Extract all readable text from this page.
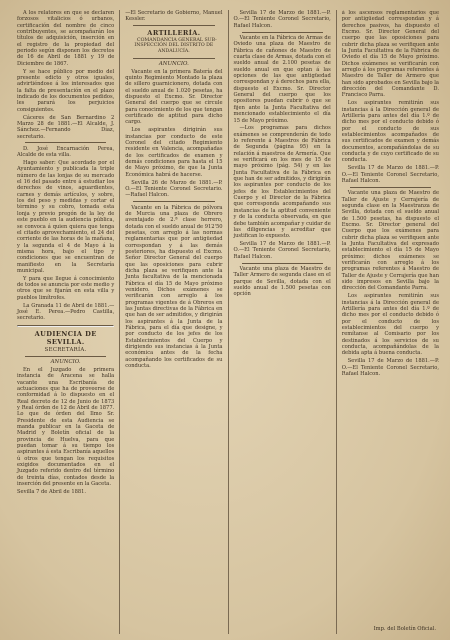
A los relatores en que se declaren forzosos vitalicios ó urbanos, certificación del nombre de cinco contribuyentes, se acompañarán los títulos de adquisición, inserción en el registro de la propiedad del periodo según disponen los decretos de 16 de Abril de 1881 y 19 de Diciembre de 1867.

Y se hace público por medio del presente edicto y otros iguales, advirtiéndose á los interesados que la falta de presentación en el plazo indicado de los documentos pedidos, les parará los perjuicios consiguientes.

Cáceres de San Bernardino 2 Marzo 28 de 1881.—El Alcalde, J. Sánchez.—Fernando Díaz, secretario.

D. José Encarnación Perea, Alcalde de esta villa.

Hago saber: Que acordado por el Ayuntamiento y publicada la triple número de las lonjas de su mercado el 16 del pasado entre á estudiar los derechos de vinos, aguardientes, carnes y demás artículos, y sobre, los del peso y medidas y cortar el término y su cobro, tomada esta lonja y previo pregón de la ley de este pueblo en la audiencia pública, se convoca á quien quiera que tenga el citado aprovechamiento, el 24 del corriente de las horas de la mañana, y la segunda el 4 de Mayo á la misma hora, bajo el tipo y condiciones que se encuentran de manifiesto en la Secretaría municipal.

Y para que llegue á conocimiento de todos se anuncia por este medio y otros que se fijarán en esta villa y pueblos limítrofes.

La Granada 11 de Abril de 1881.—José E. Perea.—Pedro Castilla, secretario.

AUDIENCIA DE SEVILLA.
SECRETARÍA.
ANUNCIO.

En el Juzgado de primera instancia de Aracena se halla vacante una Escribanía de actuaciones que ha de proveerse de conformidad á lo dispuesto en el Real decreto de 12 de Junio de 1873 y Real órden de 12 de Abril de 1877. Lo que de órden del Ilmo Sr. Presidente de esta Audiencia se manda publicar en la Gaceta de Madrid y Boletín oficial de la provincia de Huelva, para que puedan tomar á su tiempo los aspirantes á esta Escribanía aquellos ú otros que tengan los requisitos exigidos documentados en el Juzgado referido dentro del término de treinta días, contados desde la inserción del presente en la Gaceta.

Sevilla 7 de Abril de 1881.

—El Secretario de Gobierno, Manuel Kessler.

ARTILLERÍA.

COMANDANCIA GENERAL SUB-INSPECCIÓN DEL DISTRITO DE ANDALUCÍA.

ANUNCIO.

Vacante en la primera Batería del quinto Regimiento Montado la plaza de sillero guarnicionero, dotada con el sueldo anual de 1.020 pesetas, ha dispuesto el Excmo. Sr. Director General del cuerpo que se circule para conocimiento de los que tengan certificado de aptitud para dicho cargo.

Los aspirantes dirigirán sus instancias por conducto de este Coronel del citado Regimiento residente en Valencia, acompañadas de los certificados de examen y demás condiciones para hasta el 15 de Mayo próximo, de que la Junta Económica habrá de hacerse.

Sevilla 26 de Marzo de 1881.—P. O.—El Teniente Coronel Secretario.—Rafael Halcon.

Vacante en la Fábrica de pólvora de Murcia una plaza de Obrero aventajado de 2.ª clase herrero, dotada con el sueldo anual de 912'50 pesetas, con arreglo á las normas reglamentarias que por antigüedad correspondan y á las demás posteriores, ha dispuesto el Excmo. Señor Director General del cuerpo que las oposiciones para cubrir dicha plaza se verifiquen ante la Junta facultativa de la mencionada Fábrica el día 15 de Mayo próximo venidero. Dichos exámenes se verificarán con arreglo á los programas vigentes de á Obreros en las Juntas directivas de la Fábrica en que han de ser admitidos, y dirigirán los aspirantes á la Junta de la Fábrica, para el día que designe, y por conducto de los jefes de los Establecimientos del Cuerpo y dirigiendo sus instancias á la Junta económica antes de la fecha acompañando los certificados de su conducta.

Sevilla 17 de Marzo de 1881.—P. O.—El Teniente Coronel Secretario, Rafael Halcon.

Vacante en la Fábrica de Armas de Oviedo una plaza de Maestro de Fábrica de cañones de Maestro de cuarta clase de Armas, dotada con el sueldo anual de 2.100 pesetas de sueldo anual en que optan á las opciones de las que antigüedad correspondan y á derechos para ella, dispuesto el Excmo. Sr. Director General del cuerpo que los opositores puedan cubrir ó que se fijen ante la Junta Facultativa del mencionado establecimiento el día 15 de Mayo próximo.

—Los programas para dichos exámenes se comprenderán de todo lo referente á Maestros de Fábrica de Segunda (página 95) en la relación á maestros de Armería. Que se verificará en los mes de 15 de mayo próximo (pág. 54) y en las Junta Facultativa de la Fábrica en que han de ser admitidos, y dirigirán los aspirantes por conducto de los jefes de los Establecimientos del Cuerpo y el Director de la Fábrica que corresponda acompañando sus instancias de la aptitud conveniente y de la conducta observada, en que debe también acompañar y cuidar de las diligencias y acreditar que justifican lo expuesto.

Sevilla 17 de Marzo de 1881.—P. O.—El Teniente Coronel Secretario, Rafael Halcon.

Vacante una plaza de Maestro de Taller Armero de segunda clase en el parque de Sevilla, dotada con el sueldo anual de 1.500 pesetas con opción

á los ascensos reglamentarios que por antigüedad correspondan y á derechos pasivos, ha dispuesto el Excmo. Sr. Director General del cuerpo que las oposiciones para cubrir dicha plaza se verifiquen ante la Junta Facultativa de la Fábrica de Oviedo el día 15 de Mayo próximo. Dichos exámenes se verificarán con arreglo á los programas referentes á Maestro de Taller de Armero que han sido aprobados en Sevilla bajo la dirección del Comandante D. Francisco Parra.

Los aspirantes remitirán sus instancias á la Dirección general de Artillería para antes del día 1.º de dicho mes por el conducto debido ó por el conducto de sus establecimientos acompañados de sus certificados de examen y demás documentos, acompañándolas de su conducta y de cuyo certificado de su conducta.

Sevilla 17 de Marzo de 1881.—P. O.—El Teniente Coronel Secretario, Rafael Halcon.

Vacante una plaza de Maestro de Taller de Ajuste y Cerrajería de segunda clase en la Maestranza de Sevilla, dotada con el sueldo anual de 1.500 pesetas, ha dispuesto el Excmo. Sr. Director general del Cuerpo que los exámenes para cubrir dicha plaza se verifiquen ante la Junta Facultativa del expresado establecimiento el día 15 de Mayo próximo: dichos exámenes se verificarán con arreglo á los programas referentes á Maestro de Taller de Ajuste y Cerrajería que han sido impresos en Sevilla bajo la dirección del Comandante Parra.

Los aspirantes remitirán sus instancias á la Dirección general de Artillería para antes del día 1.º de dicho mes por el conducto debido ó por el conducto de los establecimientos del cuerpo y remítanse al Comisario por los destinados á los servicios de su conducta, acompañándolas de la debida apta á buena conducta.

Sevilla 17 de Marzo de 1881.—P. O.—El Teniente Coronel Secretario, Rafael Halcon.

Imp. del Boletín Oficial.
